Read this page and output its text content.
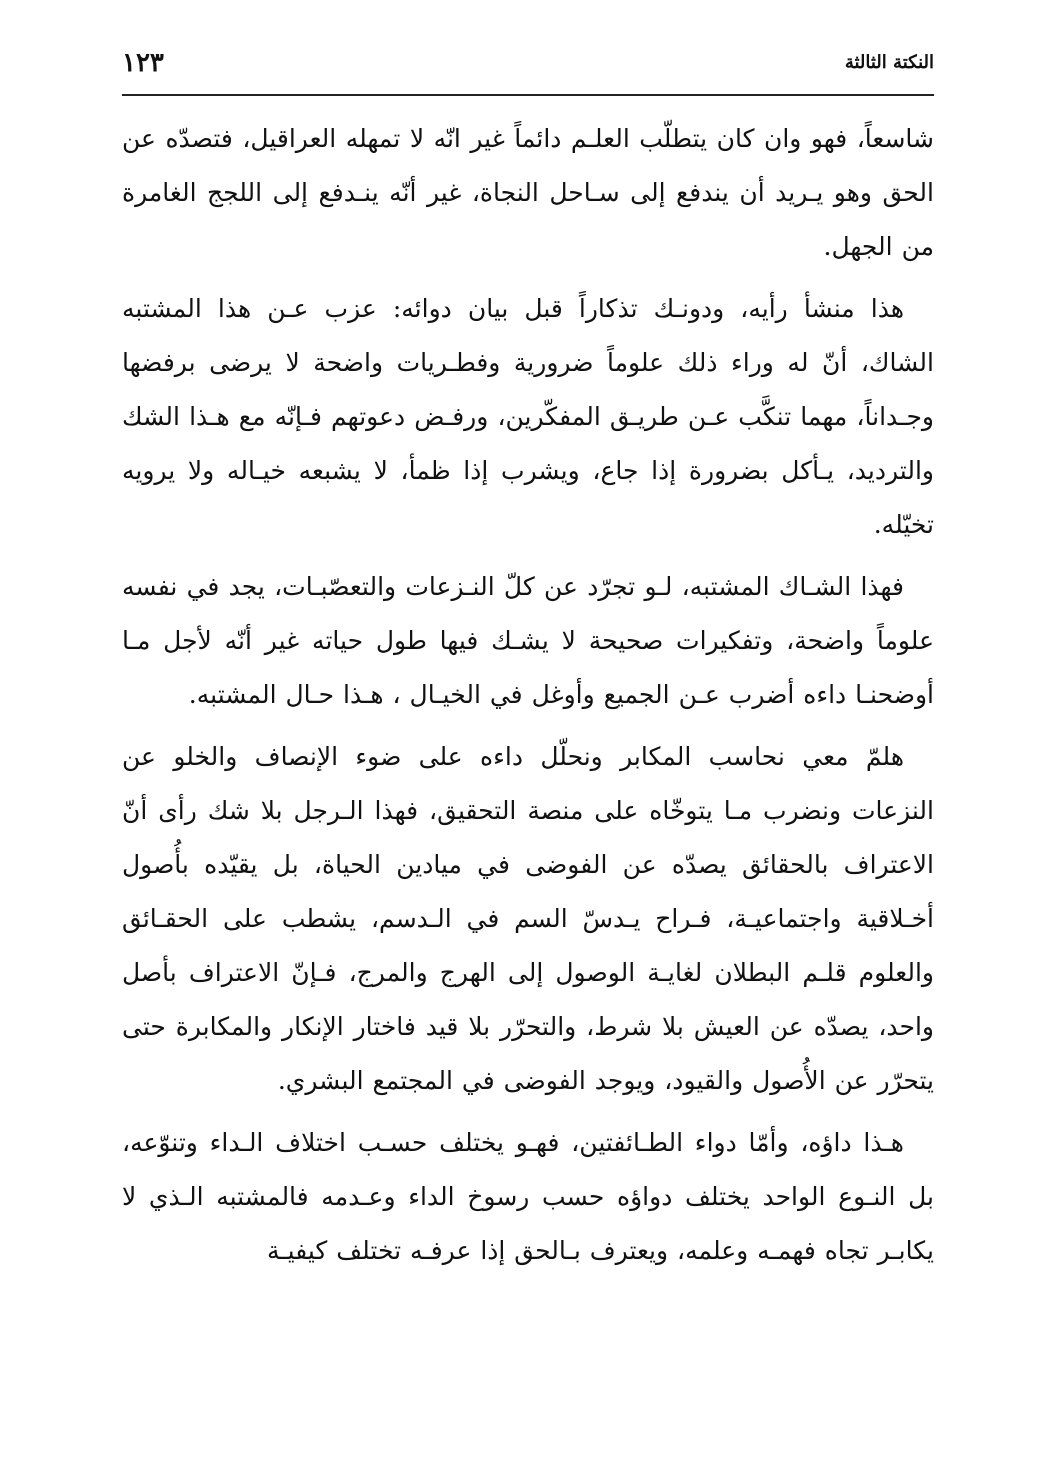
النكتة الثالثة
١٢٣

شاسعاً، فهو وان كان يتطلّب العلـم دائماً غير انّه لا تمهله العراقيل، فتصدّه عن الحق وهو يـريد أن يندفع إلى سـاحل النجاة، غير أنّه ينـدفع إلى اللجج الغامرة من الجهل.

هذا منشأ رأيه، ودونـك تذكاراً قبل بيان دوائه: عزب عـن هذا المشتبه الشاك، أنّ له وراء ذلك علوماً ضرورية وفطـريات واضحة لا يرضى برفضها وجـداناً، مهما تنكَّب عـن طريـق المفكّرين، ورفـض دعوتهم فـإنّه مع هـذا الشك والترديد، يـأكل بضرورة إذا جاع، ويشرب إذا ظمأ، لا يشبعه خيـاله ولا يرويه تخيّله.

فهذا الشـاك المشتبه، لـو تجرّد عن كلّ النـزعات والتعصّبـات، يجد في نفسه علوماً واضحة، وتفكيرات صحيحة لا يشـك فيها طول حياته غير أنّه لأجل مـا أوضحنـا داءه أضرب عـن الجميع وأوغل في الخيـال ، هـذا حـال المشتبه.

هلمّ معي نحاسب المكابر ونحلّل داءه على ضوء الإنصاف والخلو عن النزعات ونضرب مـا يتوخّاه على منصة التحقيق، فهذا الـرجل بلا شك رأى أنّ الاعتراف بالحقائق يصدّه عن الفوضى في ميادين الحياة، بل يقيّده بأُصول أخـلاقية واجتماعيـة، فـراح يـدسّ السم في الـدسم، يشطب على الحقـائق والعلوم قلـم البطلان لغايـة الوصول إلى الهرج والمرج، فـإنّ الاعتراف بأصل واحد، يصدّه عن العيش بلا شرط، والتحرّر بلا قيد فاختار الإنكار والمكابرة حتى يتحرّر عن الأُصول والقيود، ويوجد الفوضى في المجتمع البشري.

هـذا داؤه، وأمّا دواء الطـائفتين، فهـو يختلف حسـب اختلاف الـداء وتنوّعه، بل النـوع الواحد يختلف دواؤه حسب رسوخ الداء وعـدمه فالمشتبه الـذي لا يكابـر تجاه فهمـه وعلمه، ويعترف بـالحق إذا عرفـه تختلف كيفيـة
